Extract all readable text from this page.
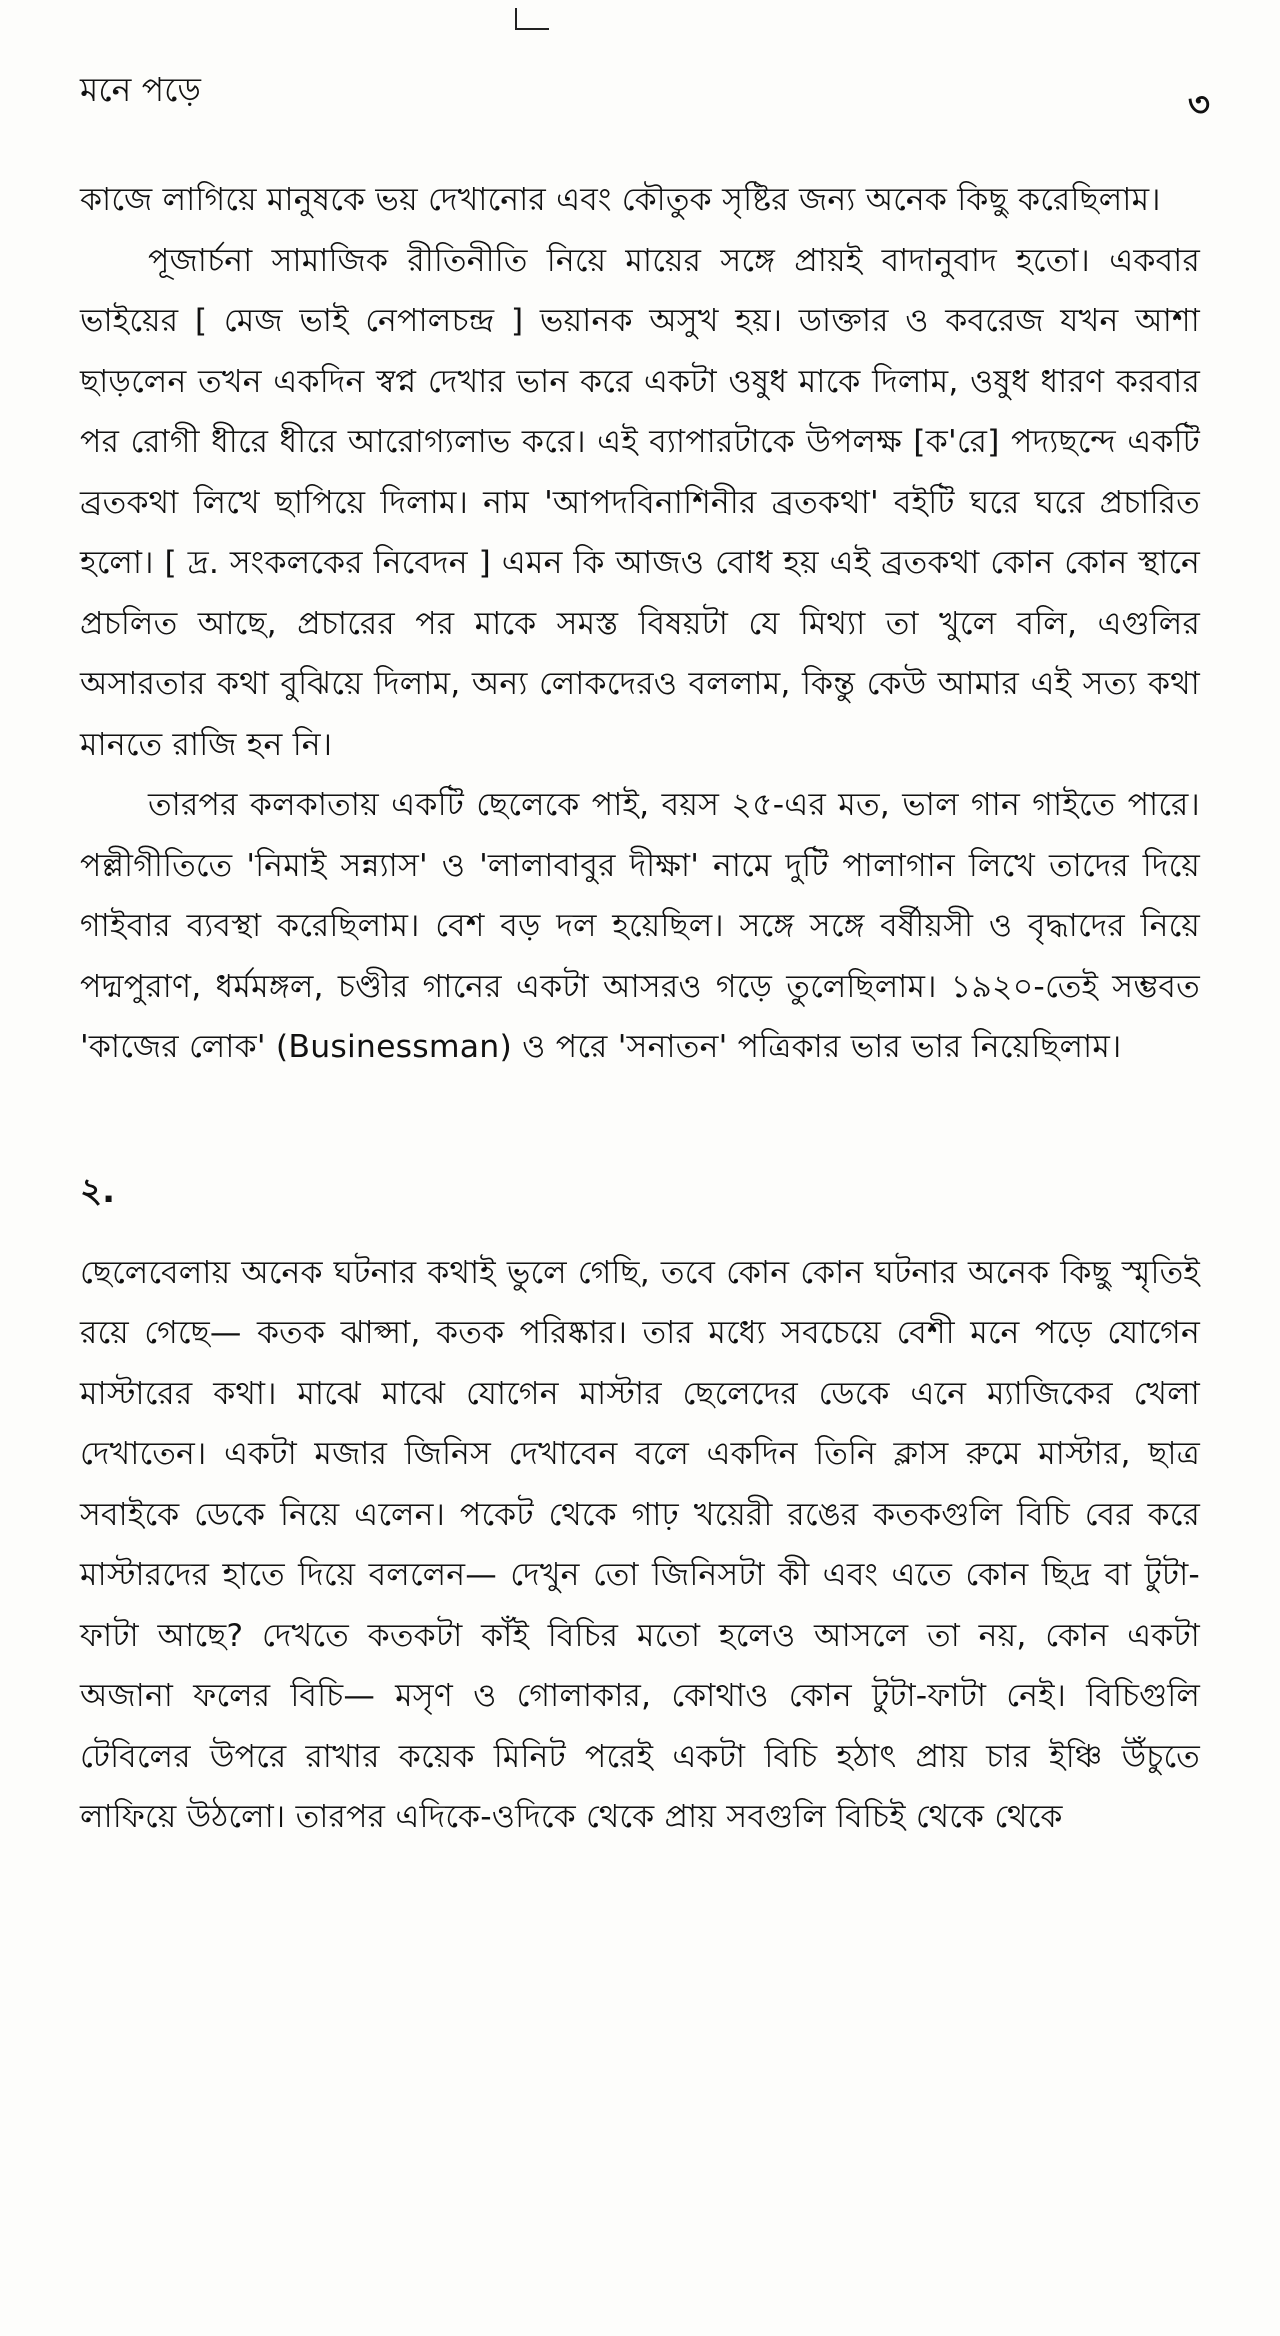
মনে পড়ে	৩

কাজে লাগিয়ে মানুষকে ভয় দেখানোর এবং কৌতুক সৃষ্টির জন্য অনেক কিছু করেছিলাম।

পূজার্চনা সামাজিক রীতিনীতি নিয়ে মায়ের সঙ্গে প্রায়ই বাদানুবাদ হতো। একবার ভাইয়ের [ মেজ ভাই নেপালচন্দ্র ] ভয়ানক অসুখ হয়। ডাক্তার ও কবরেজ যখন আশা ছাড়লেন তখন একদিন স্বপ্ন দেখার ভান করে একটা ওষুধ মাকে দিলাম, ওষুধ ধারণ করবার পর রোগী ধীরে ধীরে আরোগ্যলাভ করে। এই ব্যাপারটাকে উপলক্ষ [ক'রে] পদ্যছন্দে একটি ব্রতকথা লিখে ছাপিয়ে দিলাম। নাম 'আপদবিনাশিনীর ব্রতকথা' বইটি ঘরে ঘরে প্রচারিত হলো। [ দ্র. সংকলকের নিবেদন ] এমন কি আজও বোধ হয় এই ব্রতকথা কোন কোন স্থানে প্রচলিত আছে, প্রচারের পর মাকে সমস্ত বিষয়টা যে মিথ্যা তা খুলে বলি, এগুলির অসারতার কথা বুঝিয়ে দিলাম, অন্য লোকদেরও বললাম, কিন্তু কেউ আমার এই সত্য কথা মানতে রাজি হন নি।

তারপর কলকাতায় একটি ছেলেকে পাই, বয়স ২৫-এর মত, ভাল গান গাইতে পারে। পল্লীগীতিতে 'নিমাই সন্ন্যাস' ও 'লালাবাবুর দীক্ষা' নামে দুটি পালাগান লিখে তাদের দিয়ে গাইবার ব্যবস্থা করেছিলাম। বেশ বড় দল হয়েছিল। সঙ্গে সঙ্গে বর্ষীয়সী ও বৃদ্ধাদের নিয়ে পদ্মপুরাণ, ধর্মমঙ্গল, চণ্ডীর গানের একটা আসরও গড়ে তুলেছিলাম। ১৯২০-তেই সম্ভবত 'কাজের লোক' (Businessman) ও পরে 'সনাতন' পত্রিকার ভার ভার নিয়েছিলাম।

২.

ছেলেবেলায় অনেক ঘটনার কথাই ভুলে গেছি, তবে কোন কোন ঘটনার অনেক কিছু স্মৃতিই রয়ে গেছে— কতক ঝাপ্সা, কতক পরিষ্কার। তার মধ্যে সবচেয়ে বেশী মনে পড়ে যোগেন মাস্টারের কথা। মাঝে মাঝে যোগেন মাস্টার ছেলেদের ডেকে এনে ম্যাজিকের খেলা দেখাতেন। একটা মজার জিনিস দেখাবেন বলে একদিন তিনি ক্লাস রুমে মাস্টার, ছাত্র সবাইকে ডেকে নিয়ে এলেন। পকেট থেকে গাঢ় খয়েরী রঙের কতকগুলি বিচি বের করে মাস্টারদের হাতে দিয়ে বললেন— দেখুন তো জিনিসটা কী এবং এতে কোন ছিদ্র বা টুটা-ফাটা আছে? দেখতে কতকটা কাঁই বিচির মতো হলেও আসলে তা নয়, কোন একটা অজানা ফলের বিচি— মসৃণ ও গোলাকার, কোথাও কোন টুটা-ফাটা নেই। বিচিগুলি টেবিলের উপরে রাখার কয়েক মিনিট পরেই একটা বিচি হঠাৎ প্রায় চার ইঞ্চি উঁচুতে লাফিয়ে উঠলো। তারপর এদিকে-ওদিকে থেকে প্রায় সবগুলি বিচিই থেকে থেকে
